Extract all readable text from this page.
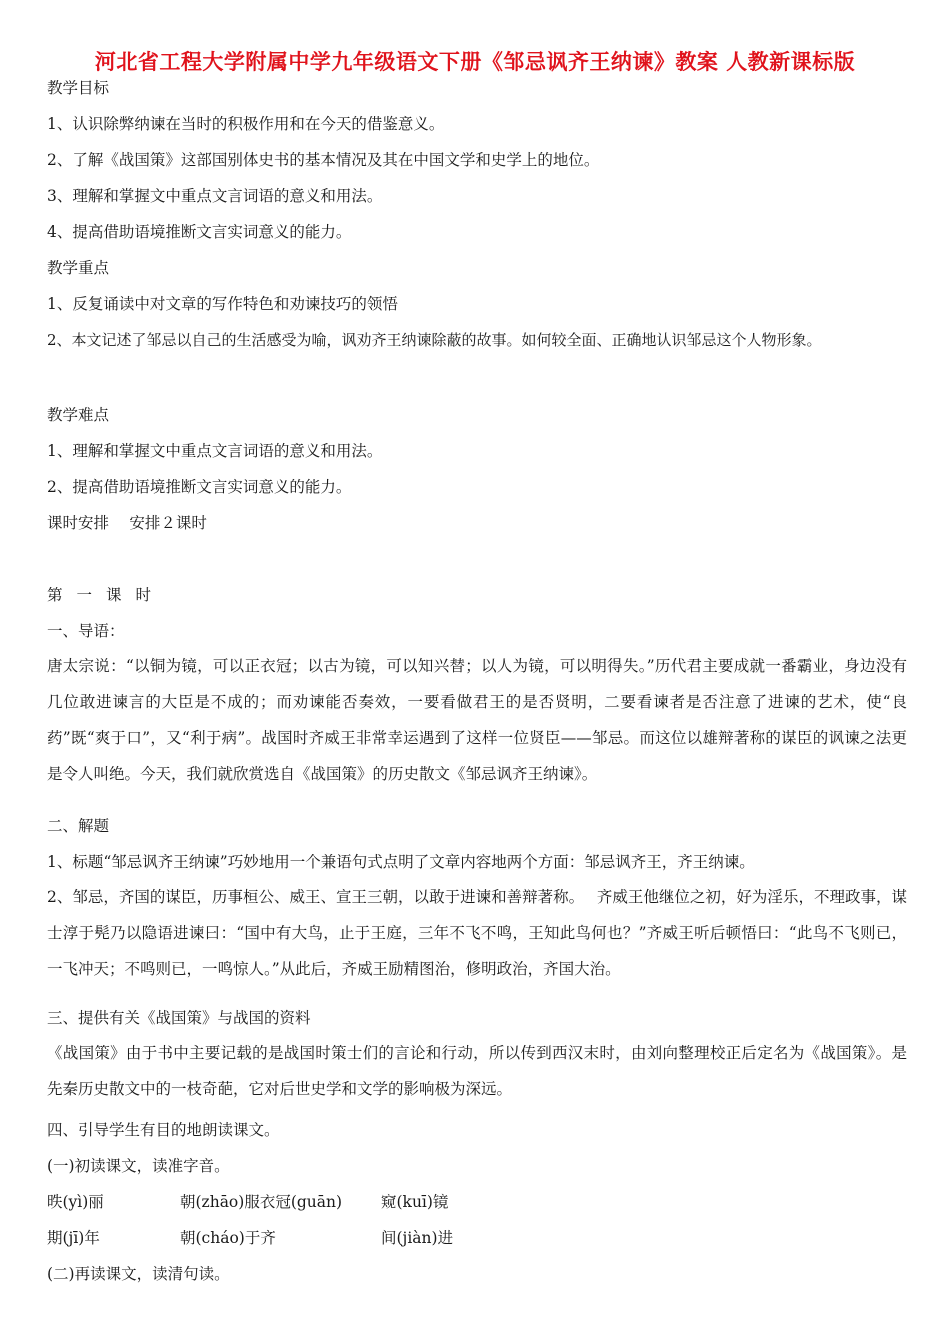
河北省工程大学附属中学九年级语文下册《邹忌讽齐王纳谏》教案 人教新课标版
教学目标
1、认识除弊纳谏在当时的积极作用和在今天的借鉴意义。
2、了解《战国策》这部国别体史书的基本情况及其在中国文学和史学上的地位。
3、理解和掌握文中重点文言词语的意义和用法。
4、提高借助语境推断文言实词意义的能力。
教学重点
1、反复诵读中对文章的写作特色和劝谏技巧的领悟
2、本文记述了邹忌以自己的生活感受为喻，讽劝齐王纳谏除蔽的故事。如何较全面、正确地认识邹忌这个人物形象。
教学难点
1、理解和掌握文中重点文言词语的意义和用法。
2、提高借助语境推断文言实词意义的能力。
课时安排　 安排２课时
第一课时
一、导语：
唐太宗说：“以铜为镜，可以正衣冠；以古为镜，可以知兴替；以人为镜，可以明得失。”历代君主要成就一番霸业，身边没有几位敢进谏言的大臣是不成的；而劝谏能否奏效，一要看做君王的是否贤明，二要看谏者是否注意了进谏的艺术，使“良药”既“爽于口”，又“利于病”。战国时齐威王非常幸运遇到了这样一位贤臣——邹忌。而这位以雄辩著称的谋臣的讽谏之法更是令人叫绝。今天，我们就欣赏选自《战国策》的历史散文《邹忌讽齐王纳谏》。
二、解题
1、标题“邹忌讽齐王纳谏”巧妙地用一个兼语句式点明了文章内容地两个方面：邹忌讽齐王，齐王纳谏。
2、邹忌，齐国的谋臣，历事桓公、威王、宣王三朝，以敢于进谏和善辩著称。　 齐威王他继位之初，好为淫乐，不理政事，谋士淳于髡乃以隐语进谏曰：“国中有大鸟，止于王庭，三年不飞不鸣，王知此鸟何也？”齐威王听后顿悟曰：“此鸟不飞则已，一飞冲天；不鸣则已，一鸣惊人。”从此后，齐威王励精图治，修明政治，齐国大治。
三、提供有关《战国策》与战国的资料
《战国策》由于书中主要记载的是战国时策士们的言论和行动，所以传到西汉末时，由刘向整理校正后定名为《战国策》。是先秦历史散文中的一枝奇葩，它对后世史学和文学的影响极为深远。
四、引导学生有目的地朗读课文。
(一)初读课文，读准字音。
昳(yì)丽	朝(zhāo)服衣冠(guān)	窥(kuī)镜
期(jī)年	朝(cháo)于齐	间(jiàn)进
(二)再读课文，读清句读。
